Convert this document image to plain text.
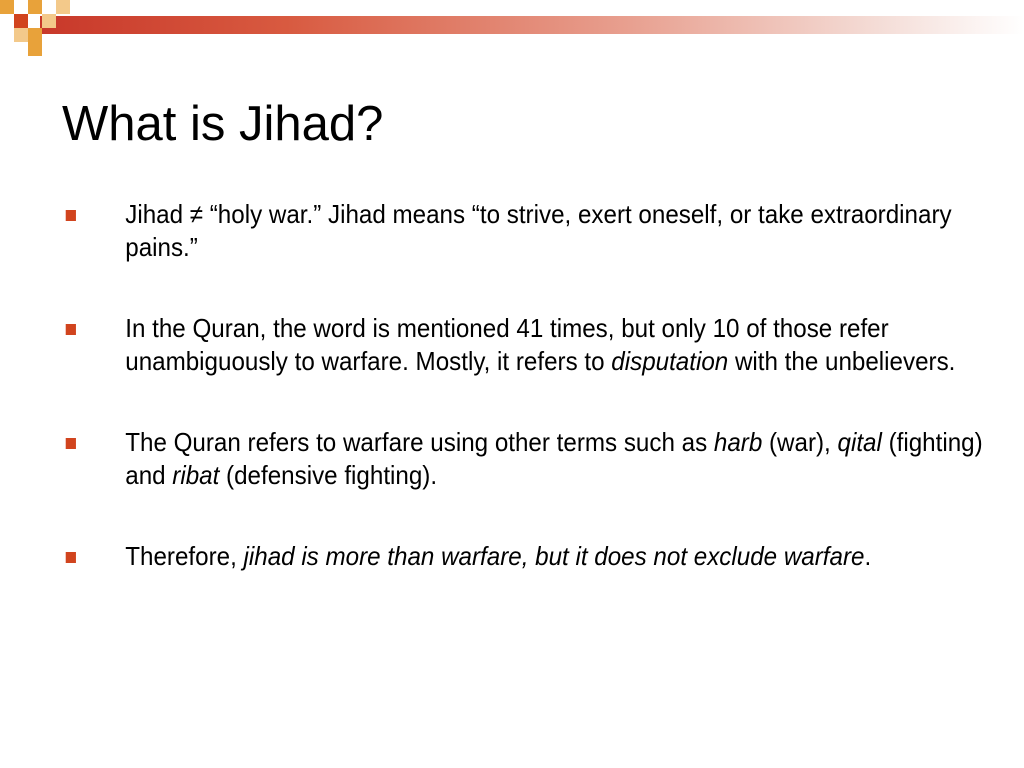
What is Jihad?
Jihad ≠ “holy war.” Jihad means “to strive, exert oneself, or take extraordinary pains.”
In the Quran, the word is mentioned 41 times, but only 10 of those refer unambiguously to warfare. Mostly, it refers to disputation with the unbelievers.
The Quran refers to warfare using other terms such as harb (war), qital (fighting) and ribat (defensive fighting).
Therefore, jihad is more than warfare, but it does not exclude warfare.
